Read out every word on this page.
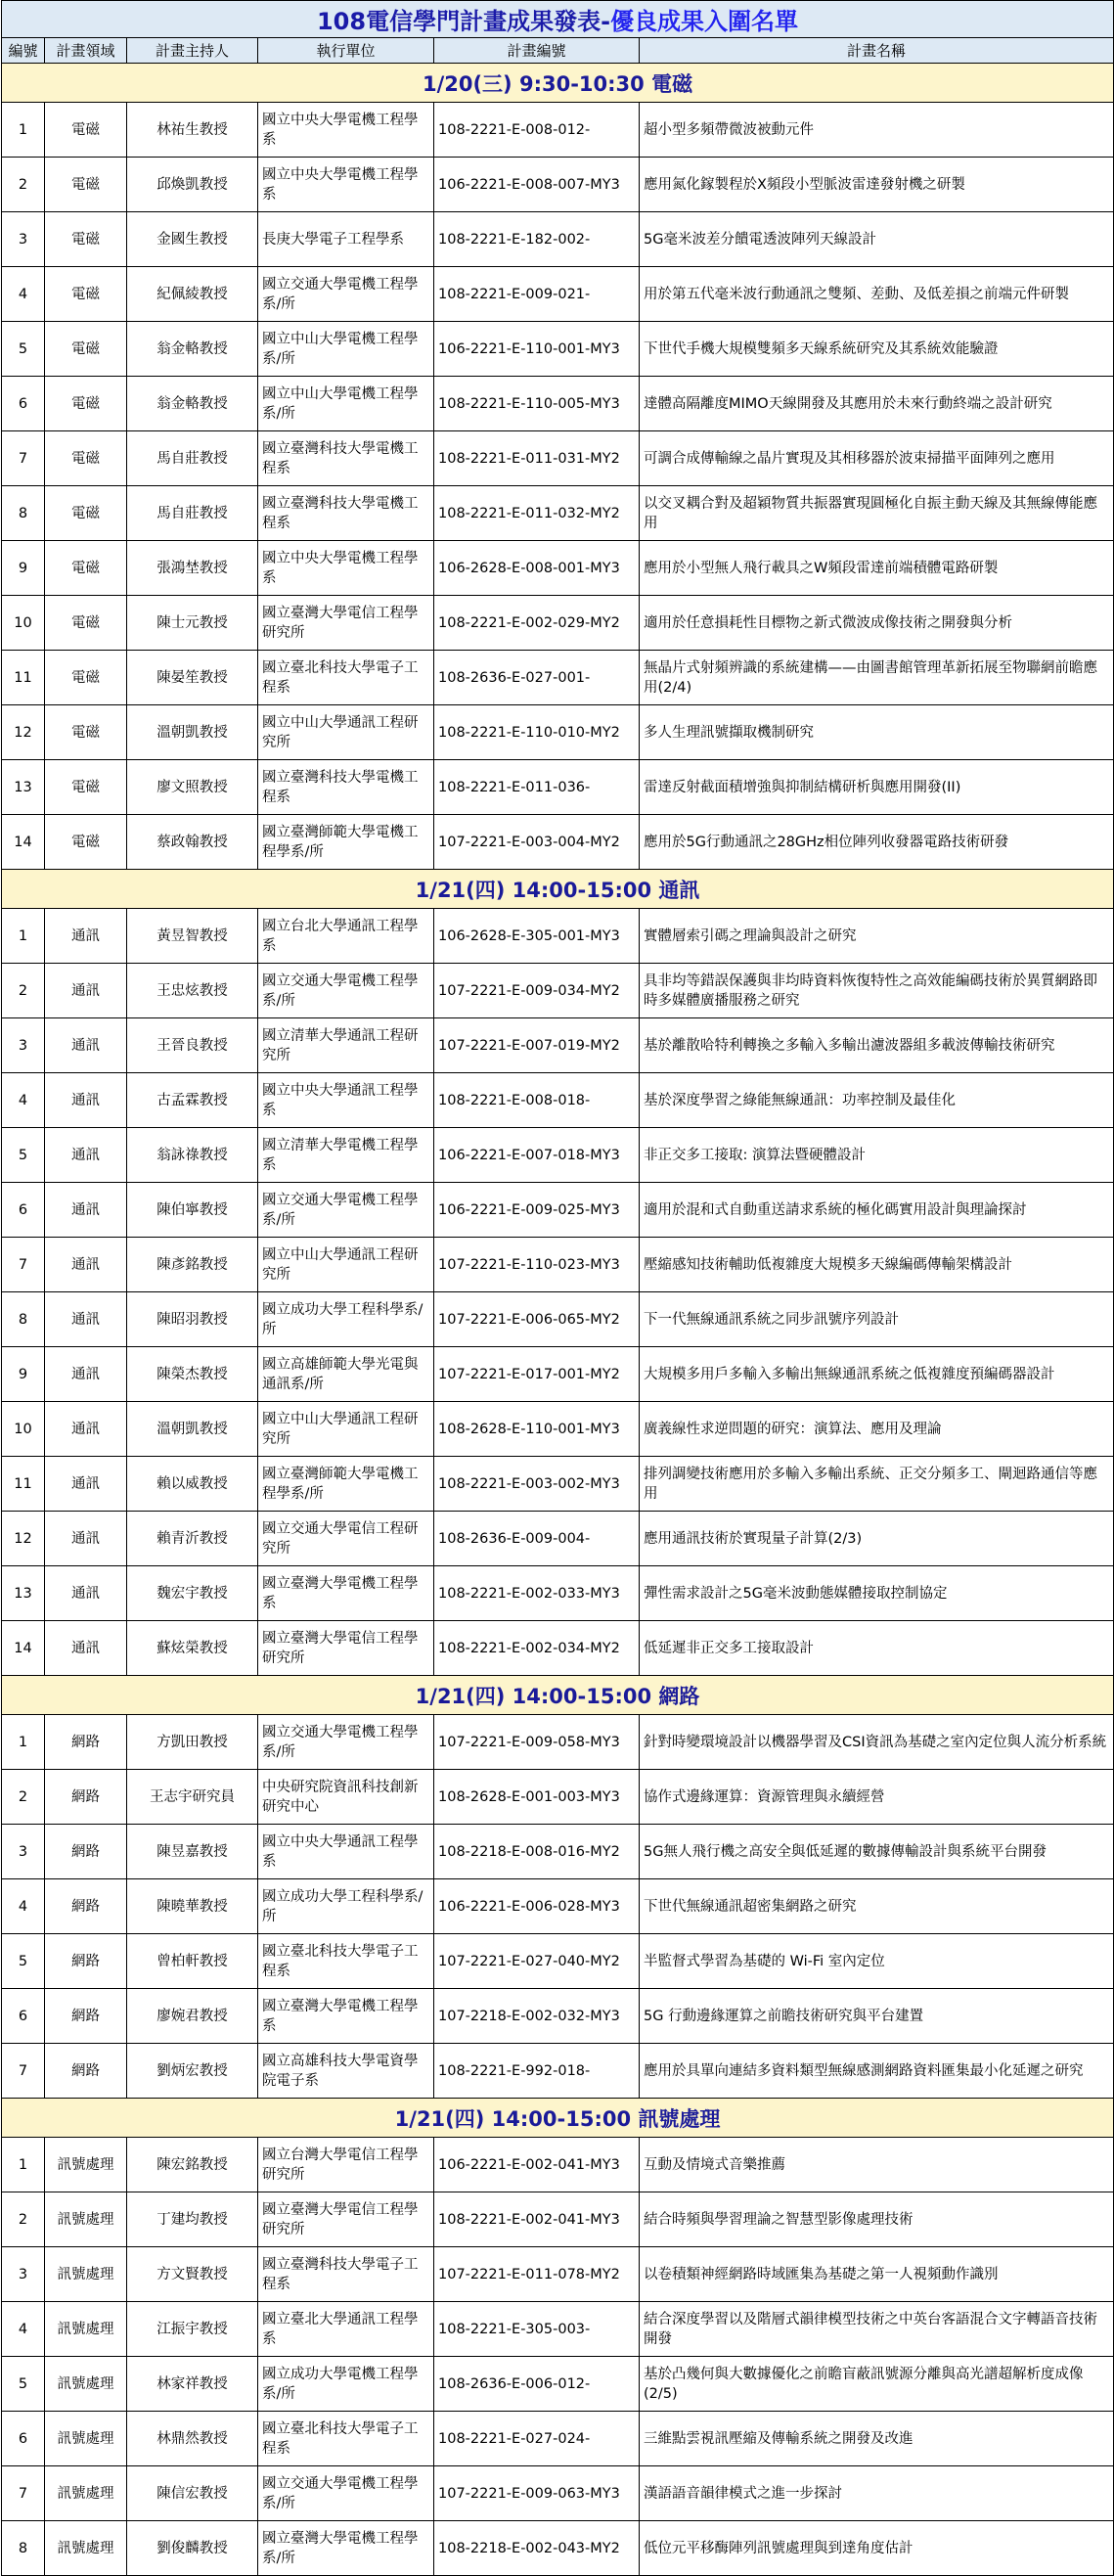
108電信學門計畫成果發表-優良成果入圍名單					
編號	計畫領域	計畫主持人	執行單位	計畫編號	計畫名稱
1/20(三) 9:30-10:30 電磁					
1	電磁	林祐生教授	國立中央大學電機工程學系	108-2221-E-008-012-	超小型多頻帶微波被動元件
2	電磁	邱煥凱教授	國立中央大學電機工程學系	106-2221-E-008-007-MY3	應用氮化鎵製程於X頻段小型脈波雷達發射機之研製
3	電磁	金國生教授	長庚大學電子工程學系	108-2221-E-182-002-	5G毫米波差分饋電透波陣列天線設計
4	電磁	紀佩綾教授	國立交通大學電機工程學系/所	108-2221-E-009-021-	用於第五代毫米波行動通訊之雙頻、差動、及低差損之前端元件研製
5	電磁	翁金輅教授	國立中山大學電機工程學系/所	106-2221-E-110-001-MY3	下世代手機大規模雙頻多天線系統研究及其系統效能驗證
6	電磁	翁金輅教授	國立中山大學電機工程學系/所	108-2221-E-110-005-MY3	達體高隔離度MIMO天線開發及其應用於未來行動終端之設計研究
7	電磁	馬自莊教授	國立臺灣科技大學電機工程系	108-2221-E-011-031-MY2	可調合成傳輸線之晶片實現及其相移器於波束掃描平面陣列之應用
8	電磁	馬自莊教授	國立臺灣科技大學電機工程系	108-2221-E-011-032-MY2	以交叉耦合對及超穎物質共振器實現圓極化自振主動天線及其無線傳能應用
9	電磁	張鴻埜教授	國立中央大學電機工程學系	106-2628-E-008-001-MY3	應用於小型無人飛行載具之W頻段雷達前端積體電路研製
10	電磁	陳士元教授	國立臺灣大學電信工程學研究所	108-2221-E-002-029-MY2	適用於任意損耗性目標物之新式微波成像技術之開發與分析
11	電磁	陳晏笙教授	國立臺北科技大學電子工程系	108-2636-E-027-001-	無晶片式射頻辨識的系統建構——由圖書館管理革新拓展至物聯網前瞻應用(2/4)
12	電磁	溫朝凱教授	國立中山大學通訊工程研究所	108-2221-E-110-010-MY2	多人生理訊號擷取機制研究
13	電磁	廖文照教授	國立臺灣科技大學電機工程系	108-2221-E-011-036-	雷達反射截面積增強與抑制結構研析與應用開發(II)
14	電磁	蔡政翰教授	國立臺灣師範大學電機工程學系/所	107-2221-E-003-004-MY2	應用於5G行動通訊之28GHz相位陣列收發器電路技術研發
1/21(四) 14:00-15:00 通訊					
1	通訊	黃昱智教授	國立台北大學通訊工程學系	106-2628-E-305-001-MY3	實體層索引碼之理論與設計之研究
2	通訊	王忠炫教授	國立交通大學電機工程學系/所	107-2221-E-009-034-MY2	具非均等錯誤保護與非均時資料恢復特性之高效能編碼技術於異質網路即時多媒體廣播服務之研究
3	通訊	王晉良教授	國立清華大學通訊工程研究所	107-2221-E-007-019-MY2	基於離散哈特利轉換之多輸入多輸出濾波器組多載波傳輸技術研究
4	通訊	古孟霖教授	國立中央大學通訊工程學系	108-2221-E-008-018-	基於深度學習之綠能無線通訊：功率控制及最佳化
5	通訊	翁詠祿教授	國立清華大學電機工程學系	106-2221-E-007-018-MY3	非正交多工接取: 演算法暨硬體設計
6	通訊	陳伯寧教授	國立交通大學電機工程學系/所	106-2221-E-009-025-MY3	適用於混和式自動重送請求系統的極化碼實用設計與理論探討
7	通訊	陳彥銘教授	國立中山大學通訊工程研究所	107-2221-E-110-023-MY3	壓縮感知技術輔助低複雜度大規模多天線編碼傳輸架構設計
8	通訊	陳昭羽教授	國立成功大學工程科學系/所	107-2221-E-006-065-MY2	下一代無線通訊系統之同步訊號序列設計
9	通訊	陳榮杰教授	國立高雄師範大學光電與通訊系/所	107-2221-E-017-001-MY2	大規模多用戶多輸入多輸出無線通訊系統之低複雜度預編碼器設計
10	通訊	溫朝凱教授	國立中山大學通訊工程研究所	108-2628-E-110-001-MY3	廣義線性求逆問題的研究：演算法、應用及理論
11	通訊	賴以威教授	國立臺灣師範大學電機工程學系/所	108-2221-E-003-002-MY3	排列調變技術應用於多輸入多輸出系統、正交分頻多工、閘迴路通信等應用
12	通訊	賴青沂教授	國立交通大學電信工程研究所	108-2636-E-009-004-	應用通訊技術於實現量子計算(2/3)
13	通訊	魏宏宇教授	國立臺灣大學電機工程學系	108-2221-E-002-033-MY3	彈性需求設計之5G毫米波動態媒體接取控制協定
14	通訊	蘇炫榮教授	國立臺灣大學電信工程學研究所	108-2221-E-002-034-MY2	低延遲非正交多工接取設計
1/21(四) 14:00-15:00 網路					
1	網路	方凱田教授	國立交通大學電機工程學系/所	107-2221-E-009-058-MY3	針對時變環境設計以機器學習及CSI資訊為基礎之室內定位與人流分析系統
2	網路	王志宇研究員	中央研究院資訊科技創新研究中心	108-2628-E-001-003-MY3	協作式邊緣運算：資源管理與永續經營
3	網路	陳昱嘉教授	國立中央大學通訊工程學系	108-2218-E-008-016-MY2	5G無人飛行機之高安全與低延遲的數據傳輸設計與系統平台開發
4	網路	陳曉華教授	國立成功大學工程科學系/所	106-2221-E-006-028-MY3	下世代無線通訊超密集網路之研究
5	網路	曾柏軒教授	國立臺北科技大學電子工程系	107-2221-E-027-040-MY2	半監督式學習為基礎的 Wi-Fi 室內定位
6	網路	廖婉君教授	國立臺灣大學電機工程學系	107-2218-E-002-032-MY3	5G 行動邊緣運算之前瞻技術研究與平台建置
7	網路	劉炳宏教授	國立高雄科技大學電資學院電子系	108-2221-E-992-018-	應用於具單向連結多資料類型無線感測網路資料匯集最小化延遲之研究
1/21(四) 14:00-15:00 訊號處理					
1	訊號處理	陳宏銘教授	國立台灣大學電信工程學研究所	106-2221-E-002-041-MY3	互動及情境式音樂推薦
2	訊號處理	丁建均教授	國立臺灣大學電信工程學研究所	108-2221-E-002-041-MY3	結合時頻與學習理論之智慧型影像處理技術
3	訊號處理	方文賢教授	國立臺灣科技大學電子工程系	107-2221-E-011-078-MY2	以卷積類神經網路時域匯集為基礎之第一人視頻動作識別
4	訊號處理	江振宇教授	國立臺北大學通訊工程學系	108-2221-E-305-003-	結合深度學習以及階層式韻律模型技術之中英台客語混合文字轉語音技術開發
5	訊號處理	林家祥教授	國立成功大學電機工程學系/所	108-2636-E-006-012-	基於凸幾何與大數據優化之前瞻盲蔽訊號源分離與高光譜超解析度成像(2/5)
6	訊號處理	林鼎然教授	國立臺北科技大學電子工程系	108-2221-E-027-024-	三維點雲視訊壓縮及傳輸系統之開發及改進
7	訊號處理	陳信宏教授	國立交通大學電機工程學系/所	107-2221-E-009-063-MY3	漢語語音韻律模式之進一步探討
8	訊號處理	劉俊麟教授	國立臺灣大學電機工程學系/所	108-2218-E-002-043-MY2	低位元平移酶陣列訊號處理與到達角度估計
